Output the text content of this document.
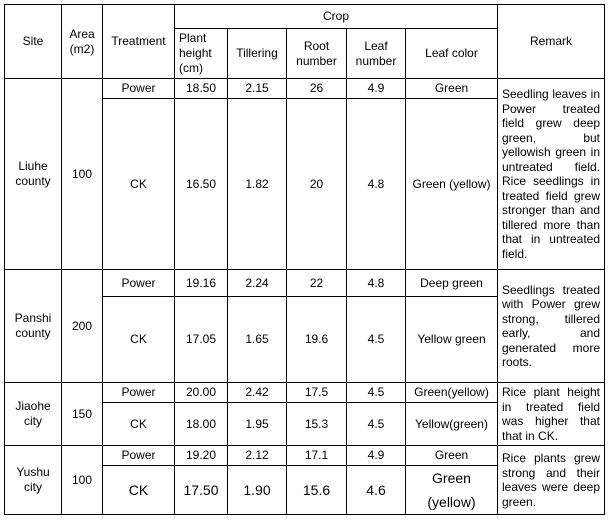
Site	Area (m2)	Treatment	Crop					Remark
			Plant height (cm)	Tillering	Root number	Leaf number	Leaf color	
Liuhe county	100	Power	18.50	2.15	26	4.9	Green	Seedling leaves in Power treated field grew deep green, but yellowish green in untreated field. Rice seedlings in treated field grew stronger than and tillered more than that in untreated field.
		CK	16.50	1.82	20	4.8	Green (yellow)	
Panshi county	200	Power	19.16	2.24	22	4.8	Deep green	Seedlings treated with Power grew strong, tillered early, and generated more roots.
		CK	17.05	1.65	19.6	4.5	Yellow green	
Jiaohe city	150	Power	20.00	2.42	17.5	4.5	Green(yellow)	Rice plant height in treated field was higher that that in CK.
		CK	18.00	1.95	15.3	4.5	Yellow(green)	
Yushu city	100	Power	19.20	2.12	17.1	4.9	Green	Rice plants grew strong and their leaves were deep green.
		CK	17.50	1.90	15.6	4.6	Green (yellow)	
